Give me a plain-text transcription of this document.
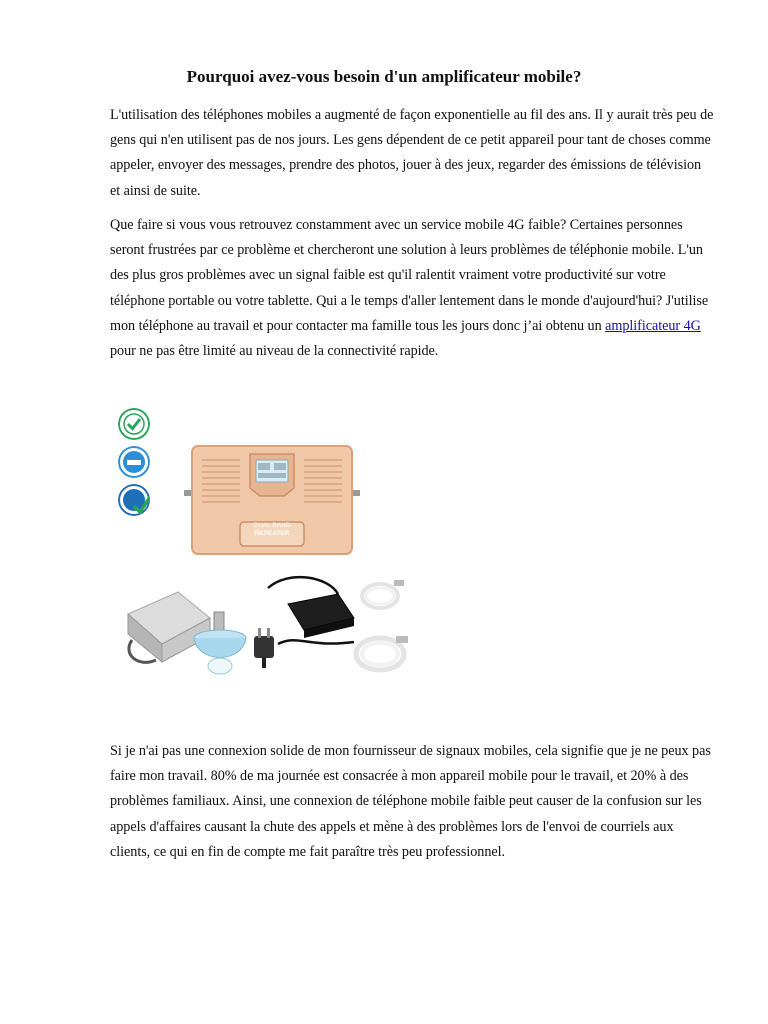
Pourquoi avez-vous besoin d'un amplificateur mobile?

L'utilisation des téléphones mobiles a augmenté de façon exponentielle au fil des ans. Il y aurait très peu de gens qui n'en utilisent pas de nos jours. Les gens dépendent de ce petit appareil pour tant de choses comme appeler, envoyer des messages, prendre des photos, jouer à des jeux, regarder des émissions de télévision et ainsi de suite.

Que faire si vous vous retrouvez constamment avec un service mobile 4G faible? Certaines personnes seront frustrées par ce problème et chercheront une solution à leurs problèmes de téléphonie mobile. L'un des plus gros problèmes avec un signal faible est qu'il ralentit vraiment votre productivité sur votre téléphone portable ou votre tablette. Qui a le temps d'aller lentement dans le monde d'aujourd'hui? J'utilise mon téléphone au travail et pour contacter ma famille tous les jours donc j’ai obtenu un amplificateur 4G pour ne pas être limité au niveau de la connectivité rapide.

DUAL BAND
REPEATER

Si je n'ai pas une connexion solide de mon fournisseur de signaux mobiles, cela signifie que je ne peux pas faire mon travail. 80% de ma journée est consacrée à mon appareil mobile pour le travail, et 20% à des problèmes familiaux. Ainsi, une connexion de téléphone mobile faible peut causer de la confusion sur les appels d'affaires causant la chute des appels et mène à des problèmes lors de l'envoi de courriels aux clients, ce qui en fin de compte me fait paraître très peu professionnel.
